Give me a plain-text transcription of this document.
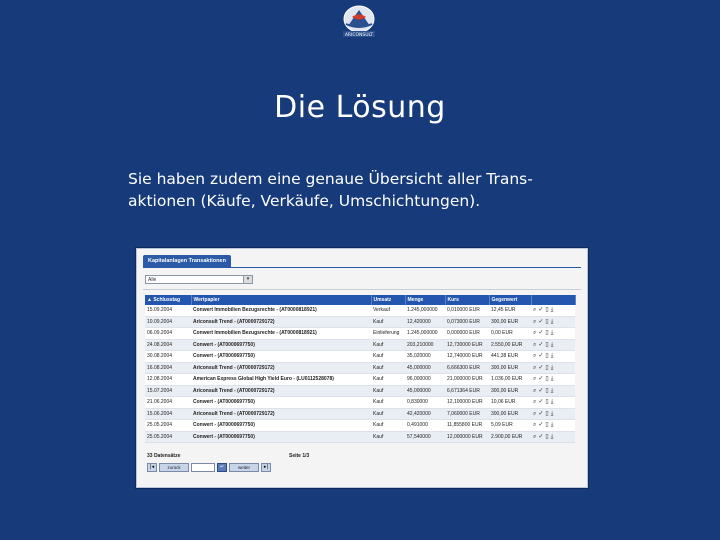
ARICONSULT
Die Lösung
Sie haben zudem eine genaue Übersicht aller Trans-
aktionen (Käufe, Verkäufe, Umschichtungen).
Kapitalanlagen Transaktionen
Alle	▾
▲ Schlusstag	Wertpapier	Umsatz	Menge	Kurs	Gegenwert	
15.09.2004	Conwert Immobilien Bezugsrechte - (AT0000818921)	Verkauf	1.245,000000	0,010000 EUR	12,45 EUR	⌕ ✓ ▯ ⤓

10.09.2004	Ariconsult Trend - (AT0000729172)	Kauf	12,420000	0,073000 EUR	300,00 EUR	⌕ ✓ ▯ ⤓

06.09.2004	Conwert Immobilien Bezugsrechte - (AT0000818921)	Einlieferung	1.245,000000	0,000000 EUR	0,00 EUR	⌕ ✓ ▯ ⤓

24.08.2004	Conwert - (AT0000697750)	Kauf	203,210000	12,730000 EUR	2.550,00 EUR	⌕ ✓ ▯ ⤓

30.08.2004	Conwert - (AT0000697750)	Kauf	35,020000	12,740000 EUR	441,38 EUR	⌕ ✓ ▯ ⤓

16.08.2004	Ariconsult Trend - (AT0000729172)	Kauf	45,000000	6,666300 EUR	300,00 EUR	⌕ ✓ ▯ ⤓

12.08.2004	American Express Global High Yield Euro - (LU0112528078)	Kauf	96,000000	21,000000 EUR	1.036,00 EUR	⌕ ✓ ▯ ⤓

15.07.2004	Ariconsult Trend - (AT0000729172)	Kauf	45,000000	6,671364 EUR	300,00 EUR	⌕ ✓ ▯ ⤓

21.06.2004	Conwert - (AT0000697750)	Kauf	0,830000	12,100000 EUR	10,06 EUR	⌕ ✓ ▯ ⤓

15.06.2004	Ariconsult Trend - (AT0000729172)	Kauf	42,420000	7,060000 EUR	300,00 EUR	⌕ ✓ ▯ ⤓

25.05.2004	Conwert - (AT0000697750)	Kauf	0,491000	11,855800 EUR	5,09 EUR	⌕ ✓ ▯ ⤓

25.05.2004	Conwert - (AT0000697750)	Kauf	57,540000	12,000000 EUR	2.900,00 EUR	⌕ ✓ ▯ ⤓
33 Datensätze	Seite 1/3
|◂	zurück	↵	weiter	▸|
